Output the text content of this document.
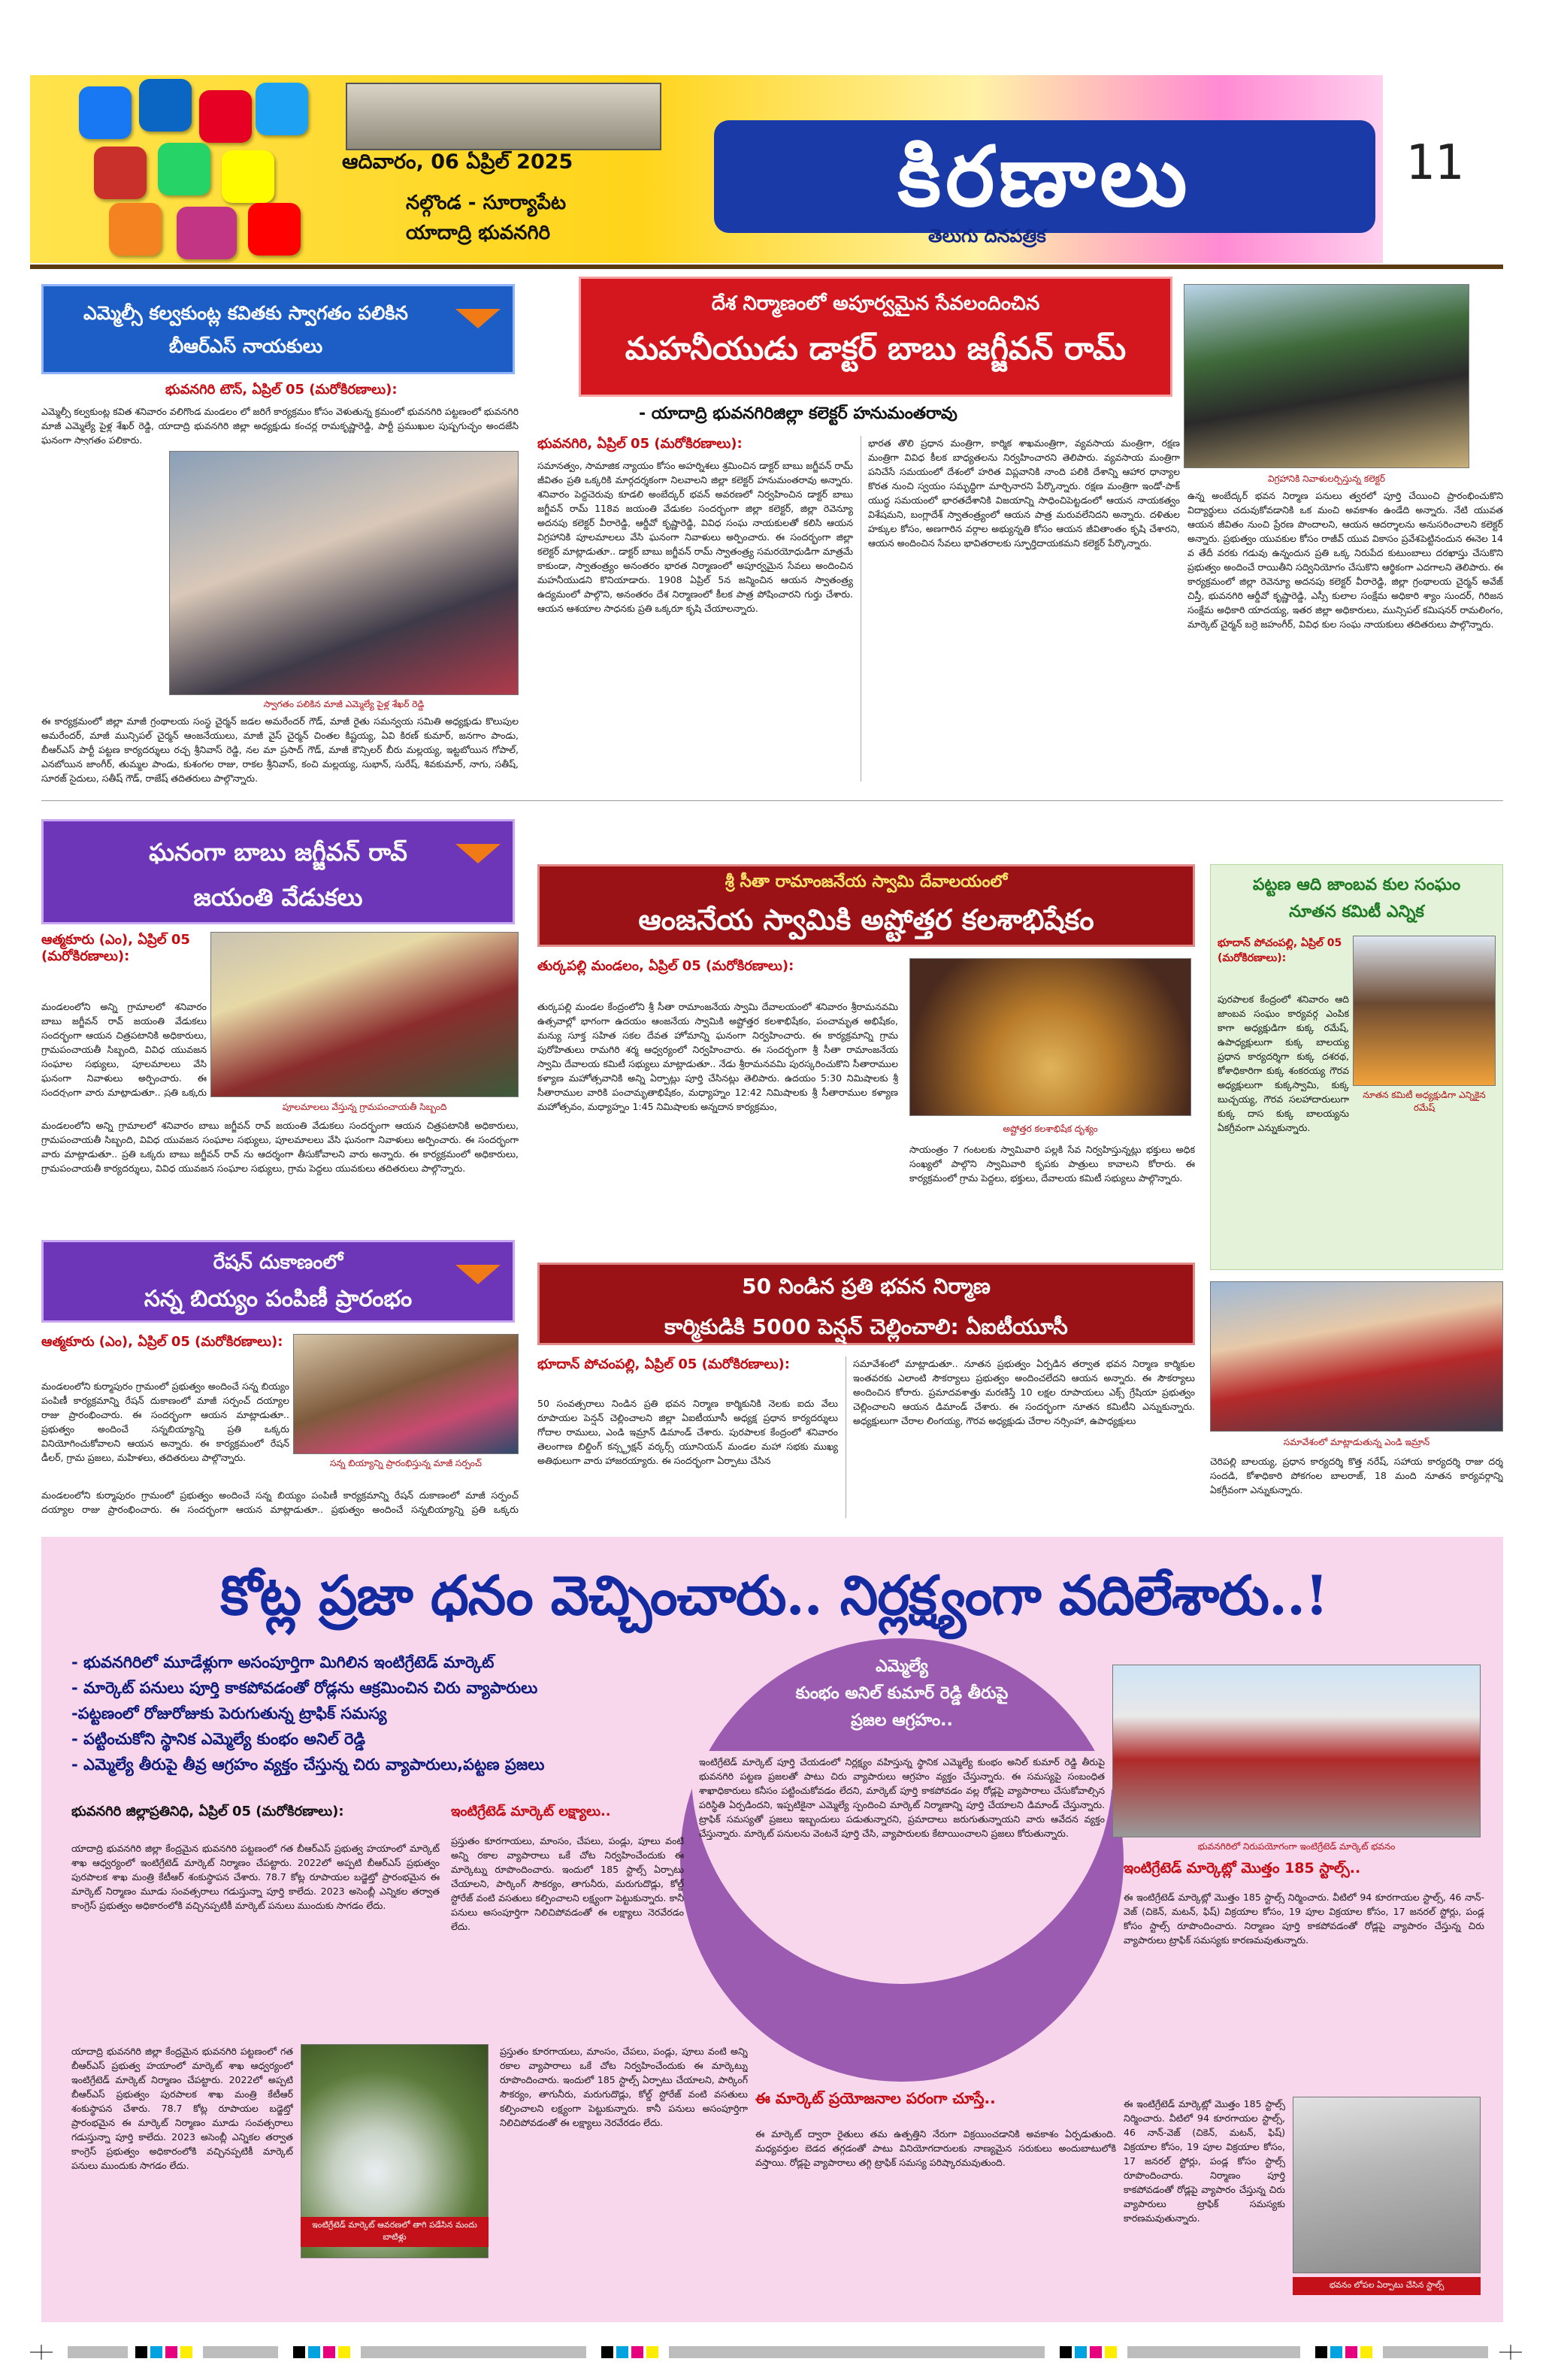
ఆదివారం, 06 ఏప్రిల్ 2025
నల్గొండ - సూర్యాపేట
యాదాద్రి భువనగిరి
కిరణాలు
తెలుగు దినపత్రిక
11
ఎమ్మెల్సీ కల్వకుంట్ల కవితకు స్వాగతం పలికిన బీఆర్ఎస్ నాయకులు
భువనగిరి టౌన్, ఏప్రిల్ 05 (మరోకిరణాలు):

ఎమ్మెల్సీ కల్వకుంట్ల కవిత శనివారం వలిగొండ మండలం లో జరిగే కార్యక్రమం కోసం వెళుతున్న క్రమంలో భువనగిరి పట్టణంలో భువనగిరి మాజీ ఎమ్మెల్యే పైళ్ల శేఖర్ రెడ్డి, యాదాద్రి భువనగిరి జిల్లా అధ్యక్షుడు కంచర్ల రామకృష్ణారెడ్డి, పార్టీ ప్రముఖుల పుష్పగుచ్ఛం అందజేసి ఘనంగా స్వాగతం పలికారు.

స్వాగతం పలికిన మాజీ ఎమ్మెల్యే పైళ్ల శేఖర్ రెడ్డి

ఈ కార్యక్రమంలో జిల్లా మాజీ గ్రంథాలయ సంస్థ చైర్మన్ జడల అమరేందర్ గౌడ్, మాజీ రైతు సమన్వయ సమితి అధ్యక్షుడు కొలుపుల అమరేందర్, మాజీ మున్సిపల్ చైర్మన్ ఆంజనేయులు, మాజీ వైస్ చైర్మన్ చింతల కిష్టయ్య, ఏవి కిరణ్ కుమార్, జనగాం పాండు, బీఆర్ఎస్ పార్టీ పట్టణ కార్యదర్శులు రచ్చ శ్రీనివాస్ రెడ్డి, నల మా ప్రసాద్ గౌడ్, మాజీ కౌన్సిలర్ బీరు మల్లయ్య, ఇట్టబోయిన గోపాల్, ఎనబోయిన జాంగీర్, తుమ్మల పాండు, కుశంగల రాజు, రాకల శ్రీనివాస్, కంచి మల్లయ్య, సుభాన్, సురేష్, శివకుమార్, నాగు, సతీష్, సూరజ్ సైదులు, సతీష్ గౌడ్, రాజేష్ తదితరులు పాల్గొన్నారు.

దేశ నిర్మాణంలో అపూర్వమైన సేవలందించిన
మహనీయుడు డాక్టర్ బాబు జగ్జీవన్ రామ్
- యాదాద్రి భువనగిరిజిల్లా కలెక్టర్ హనుమంతరావు
భువనగిరి, ఏప్రిల్ 05 (మరోకిరణాలు):

సమానత్వం, సామాజిక న్యాయం కోసం అహర్నిశలు శ్రమించిన డాక్టర్ బాబు జగ్జీవన్ రామ్ జీవితం ప్రతి ఒక్కరికి మార్గదర్శకంగా నిలవాలని జిల్లా కలెక్టర్ హనుమంతరావు అన్నారు. శనివారం పెద్దచెరువు కూడలి అంబేద్కర్ భవన్ అవరణలో నిర్వహించిన డాక్టర్ బాబు జగ్జీవన్ రామ్ 118వ జయంతి వేడుకల సందర్భంగా జిల్లా కలెక్టర్, జిల్లా రెవెన్యూ అదనపు కలెక్టర్ వీరారెడ్డి, ఆర్డీవో కృష్ణారెడ్డి, వివిధ సంఘ నాయకులతో కలిసి ఆయన విగ్రహానికి పూలమాలలు వేసి ఘనంగా నివాళులు అర్పించారు. ఈ సందర్భంగా జిల్లా కలెక్టర్ మాట్లాడుతూ.. డాక్టర్ బాబు జగ్జీవన్ రామ్ స్వాతంత్ర్య సమరయోధుడిగా మాత్రమే కాకుండా, స్వాతంత్ర్యం అనంతరం భారత నిర్మాణంలో అపూర్వమైన సేవలు అందించిన మహనీయుడని కొనియాడారు. 1908 ఏప్రిల్ 5న జన్మించిన ఆయన స్వాతంత్ర్య ఉద్యమంలో పాల్గొని, అనంతరం దేశ నిర్మాణంలో కీలక పాత్ర పోషించారని గుర్తు చేశారు. ఆయన ఆశయాల సాధనకు ప్రతి ఒక్కరూ కృషి చేయాలన్నారు.

భారత తొలి ప్రధాన మంత్రిగా, కార్మిక శాఖమంత్రిగా, వ్యవసాయ మంత్రిగా, రక్షణ మంత్రిగా వివిధ కీలక బాధ్యతలను నిర్వహించారని తెలిపారు. వ్యవసాయ మంత్రిగా పనిచేసే సమయంలో దేశంలో హరిత విప్లవానికి నాంది పలికి దేశాన్ని ఆహార ధాన్యాల కొరత నుంచి స్వయం సమృద్ధిగా మార్చినారని పేర్కొన్నారు. రక్షణ మంత్రిగా ఇండో-పాక్ యుద్ధ సమయంలో భారతదేశానికి విజయాన్ని సాధించిపెట్టడంలో ఆయన నాయకత్వం విశేషమని, బంగ్లాదేశ్ స్వాతంత్ర్యంలో ఆయన పాత్ర మరువలేనిదని అన్నారు. దళితుల హక్కుల కోసం, అణగారిన వర్గాల అభ్యున్నతి కోసం ఆయన జీవితాంతం కృషి చేశారని, ఆయన అందించిన సేవలు భావితరాలకు స్ఫూర్తిదాయకమని కలెక్టర్ పేర్కొన్నారు.

విగ్రహానికి నివాళులర్పిస్తున్న కలెక్టర్

ఉన్న అంబేద్కర్ భవన నిర్మాణ పనులు త్వరలో పూర్తి చేయించి ప్రారంభించుకొని విద్యార్థులు చదువుకోవడానికి ఒక మంచి అవకాశం ఉండేది అన్నారు. నేటి యువత ఆయన జీవితం నుంచి ప్రేరణ పొందాలని, ఆయన ఆదర్శాలను అనుసరించాలని కలెక్టర్ అన్నారు. ప్రభుత్వం యువకుల కోసం రాజీవ్ యువ వికాసం ప్రవేశపెట్టినందున ఈనెల 14 వ తేదీ వరకు గడువు ఉన్నందున ప్రతి ఒక్క నిరుపేద కుటుంబాలు దరఖాస్తు చేసుకొని ప్రభుత్వం అందించే రాయితీని సద్వినియోగం చేసుకొని ఆర్థికంగా ఎదగాలని తెలిపారు. ఈ కార్యక్రమంలో జిల్లా రెవెన్యూ అదనపు కలెక్టర్ వీరారెడ్డి, జిల్లా గ్రంథాలయ చైర్మన్ అవేజ్ చిస్తీ, భువనగిరి ఆర్డీవో కృష్ణారెడ్డి, ఎస్సీ కులాల సంక్షేమ అధికారి శ్యాం సుందర్, గిరిజన సంక్షేమ అధికారి యాదయ్య, ఇతర జిల్లా అధికారులు, మున్సిపల్ కమిషనర్ రామలింగం, మార్కెట్ చైర్మన్ బర్రె జహంగీర్, వివిధ కుల సంఘ నాయకులు తదితరులు పాల్గొన్నారు.

ఘనంగా బాబు జగ్జీవన్ రావ్
జయంతి వేడుకలు
ఆత్మకూరు (ఎం), ఏప్రిల్ 05 (మరోకిరణాలు):
పూలమాలలు వేస్తున్న గ్రామపంచాయతీ సిబ్బంది

మండలంలోని అన్ని గ్రామాలలో శనివారం బాబు జగ్జీవన్ రావ్ జయంతి వేడుకలు సందర్భంగా ఆయన చిత్రపటానికి అధికారులు, గ్రామపంచాయతీ సిబ్బంది, వివిధ యువజన సంఘాల సభ్యులు, పూలమాలలు వేసి ఘనంగా నివాళులు అర్పించారు. ఈ సందర్భంగా వారు మాట్లాడుతూ.. ప్రతి ఒక్కరు

మండలంలోని అన్ని గ్రామాలలో శనివారం బాబు జగ్జీవన్ రావ్ జయంతి వేడుకలు సందర్భంగా ఆయన చిత్రపటానికి అధికారులు, గ్రామపంచాయతీ సిబ్బంది, వివిధ యువజన సంఘాల సభ్యులు, పూలమాలలు వేసి ఘనంగా నివాళులు అర్పించారు. ఈ సందర్భంగా వారు మాట్లాడుతూ.. ప్రతి ఒక్కరు బాబు జగ్జీవన్ రావ్ ను ఆదర్శంగా తీసుకోవాలని వారు అన్నారు. ఈ కార్యక్రమంలో అధికారులు, గ్రామపంచాయతీ కార్యదర్శులు, వివిధ యువజన సంఘాల సభ్యులు, గ్రామ పెద్దలు యువకులు తదితరులు పాల్గొన్నారు.

శ్రీ సీతా రామాంజనేయ స్వామి దేవాలయంలో
ఆంజనేయ స్వామికి అష్టోత్తర కలశాభిషేకం
తుర్కపల్లి మండలం, ఏప్రిల్ 05 (మరోకిరణాలు):

తుర్కపల్లి మండల కేంద్రంలోని శ్రీ సీతా రామాంజనేయ స్వామి దేవాలయంలో శనివారం శ్రీరామనవమి ఉత్సవాల్లో భాగంగా ఉదయం ఆంజనేయ స్వామికి అష్టోత్తర కలశాభిషేకం, పంచామృత అభిషేకం, మన్యు సూక్త సహిత సకల దేవత హోమాన్ని ఘనంగా నిర్వహించారు. ఈ కార్యక్రమాన్ని గ్రామ పురోహితులు రామగిరి శర్మ ఆధ్వర్యంలో నిర్వహించారు. ఈ సందర్భంగా శ్రీ సీతా రామాంజనేయ స్వామి దేవాలయ కమిటీ సభ్యులు మాట్లాడుతూ.. నేడు శ్రీరామనవమి పురస్కరించుకొని సీతారాముల కళ్యాణ మహోత్సవానికి అన్ని ఏర్పాట్లు పూర్తి చేసినట్లు తెలిపారు. ఉదయం 5:30 నిమిషాలకు శ్రీ సీతారాముల వారికి పంచామృతాభిషేకం, మధ్యాహ్నం 12:42 నిమిషాలకు శ్రీ సీతారాముల కళ్యాణ మహోత్సవం, మధ్యాహ్నం 1:45 నిమిషాలకు అన్నదాన కార్యక్రమం,

అష్టోత్తర కలశాభిషేక దృశ్యం

సాయంత్రం 7 గంటలకు స్వామివారి పల్లకి సేవ నిర్వహిస్తున్నట్లు భక్తులు అధిక సంఖ్యలో పాల్గొని స్వామివారి కృపకు పాత్రులు కావాలని కోరారు. ఈ కార్యక్రమంలో గ్రామ పెద్దలు, భక్తులు, దేవాలయ కమిటీ సభ్యులు పాల్గొన్నారు.

పట్టణ ఆది జాంబవ కుల సంఘం
నూతన కమిటీ ఎన్నిక
భూదాన్ పోచంపల్లి, ఏప్రిల్ 05 (మరోకిరణాలు):
నూతన కమిటీ అధ్యక్షుడిగా ఎన్నికైన రమేష్

పురపాలక కేంద్రంలో శనివారం ఆది జాంబవ సంఘం కార్యవర్గ ఎంపిక కాగా అధ్యక్షుడిగా కుక్క రమేష్, ఉపాధ్యక్షులుగా కుక్క బాలయ్య ప్రధాన కార్యదర్శిగా కుక్క దశరథ, కోశాధికారిగా కుక్క శంకరయ్య గౌరవ అధ్యక్షులుగా కుక్కస్వామి, కుక్క బుచ్చయ్య, గౌరవ సలహాదారులుగా కుక్క దాస కుక్క బాలయ్యను ఏకగ్రీవంగా ఎన్నుకున్నారు.

రేషన్ దుకాణంలో
సన్న బియ్యం పంపిణీ ప్రారంభం
ఆత్మకూరు (ఎం), ఏప్రిల్ 05 (మరోకిరణాలు):

మండలంలోని కుర్మాపురం గ్రామంలో ప్రభుత్వం అందించే సన్న బియ్యం పంపిణీ కార్యక్రమాన్ని రేషన్ దుకాణంలో మాజీ సర్పంచ్ దయ్యాల రాజు ప్రారంభించారు. ఈ సందర్భంగా ఆయన మాట్లాడుతూ.. ప్రభుత్వం అందించే సన్నబియ్యాన్ని ప్రతి ఒక్కరు వినియోగించుకోవాలని ఆయన అన్నారు. ఈ కార్యక్రమంలో రేషన్ డీలర్, గ్రామ ప్రజలు, మహిళలు, తదితరులు పాల్గొన్నారు.	సన్న బియ్యాన్ని ప్రారంభిస్తున్న మాజీ సర్పంచ్

మండలంలోని కుర్మాపురం గ్రామంలో ప్రభుత్వం అందించే సన్న బియ్యం పంపిణీ కార్యక్రమాన్ని రేషన్ దుకాణంలో మాజీ సర్పంచ్ దయ్యాల రాజు ప్రారంభించారు. ఈ సందర్భంగా ఆయన మాట్లాడుతూ.. ప్రభుత్వం అందించే సన్నబియ్యాన్ని ప్రతి ఒక్కరు

50 నిండిన ప్రతి భవన నిర్మాణ
కార్మికుడికి 5000 పెన్షన్ చెల్లించాలి: ఏఐటీయూసీ
భూదాన్ పోచంపల్లి, ఏప్రిల్ 05 (మరోకిరణాలు):

50 సంవత్సరాలు నిండిన ప్రతి భవన నిర్మాణ కార్మికునికి నెలకు ఐదు వేలు రూపాయల పెన్షన్ చెల్లించాలని జిల్లా ఏఐటీయూసీ అధ్యక్ష ప్రధాన కార్యదర్శులు గోదాల రాములు, ఎండి ఇమ్రాన్ డిమాండ్ చేశారు. పురపాలక కేంద్రంలో శనివారం తెలంగాణ బిల్డింగ్ కన్స్ట్రక్షన్ వర్కర్స్ యూనియన్ మండల మహా సభకు ముఖ్య అతిథులుగా వారు హాజరయ్యారు. ఈ సందర్భంగా ఏర్పాటు చేసిన

సమావేశంలో మాట్లాడుతూ.. నూతన ప్రభుత్వం ఏర్పడిన తర్వాత భవన నిర్మాణ కార్మికుల ఇంతవరకు ఎలాంటి సౌకర్యాలు ప్రభుత్వం అందించలేదని ఆయన అన్నారు. ఈ సౌకర్యాలు అందించిన కోరారు. ప్రమాదవశాత్తు మరణిస్తే 10 లక్షల రూపాయలు ఎక్స్ గ్రేషియా ప్రభుత్వం చెల్లించాలని ఆయన డిమాండ్ చేశారు. ఈ సందర్భంగా నూతన కమిటీని ఎన్నుకున్నారు. అధ్యక్షులుగా చేరాల లింగయ్య, గౌరవ అధ్యక్షుడు చేరాల నర్సింహా, ఉపాధ్యక్షులు

సమావేశంలో మాట్లాడుతున్న ఎండి ఇమ్రాన్

చెరిపల్లి బాలయ్య, ప్రధాన కార్యదర్శి కొత్త నరేష్, సహాయ కార్యదర్శి రాజు దర్శ సందడి, కోశాధికారి పోకగంల బాలరాజ్, 18 మంది నూతన కార్యవర్గాన్ని ఏకగ్రీవంగా ఎన్నుకున్నారు.

కోట్ల ప్రజా ధనం వెచ్చించారు.. నిర్లక్ష్యంగా వదిలేశారు..!
- భువనగిరిలో మూడేళ్లుగా అసంపూర్తిగా మిగిలిన ఇంటిగ్రేటెడ్ మార్కెట్
- మార్కెట్ పనులు పూర్తి కాకపోవడంతో రోడ్లను ఆక్రమించిన చిరు వ్యాపారులు
-పట్టణంలో రోజురోజుకు పెరుగుతున్న ట్రాఫిక్ సమస్య
- పట్టించుకోని స్థానిక ఎమ్మెల్యే కుంభం అనిల్ రెడ్డి
- ఎమ్మెల్యే తీరుపై తీవ్ర ఆగ్రహం వ్యక్తం చేస్తున్న చిరు వ్యాపారులు,పట్టణ ప్రజలు
ఎమ్మెల్యే
కుంభం అనిల్ కుమార్ రెడ్డి తీరుపై
ప్రజల ఆగ్రహం..

ఇంటిగ్రేటెడ్ మార్కెట్ పూర్తి చేయడంలో నిర్లక్ష్యం వహిస్తున్న స్థానిక ఎమ్మెల్యే కుంభం అనిల్ కుమార్ రెడ్డి తీరుపై భువనగిరి పట్టణ ప్రజలతో పాటు చిరు వ్యాపారులు ఆగ్రహం వ్యక్తం చేస్తున్నారు. ఈ సమస్యపై సంబంధిత శాఖాధికారులు కనీసం పట్టించుకోవడం లేదని, మార్కెట్ పూర్తి కాకపోవడం వల్ల రోడ్లపై వ్యాపారాలు చేసుకోవాల్సిన పరిస్థితి ఏర్పడిందని, ఇప్పటికైనా ఎమ్మెల్యే స్పందించి మార్కెట్ నిర్మాణాన్ని పూర్తి చేయాలని డిమాండ్ చేస్తున్నారు. ట్రాఫిక్ సమస్యతో ప్రజలు ఇబ్బందులు పడుతున్నారని, ప్రమాదాలు జరుగుతున్నాయని వారు ఆవేదన వ్యక్తం చేస్తున్నారు. మార్కెట్ పనులను వెంటనే పూర్తి చేసి, వ్యాపారులకు కేటాయించాలని ప్రజలు కోరుతున్నారు.

భువనగిరిలో నిరుపయోగంగా ఇంటిగ్రేటెడ్ మార్కెట్ భవనం
భువనగిరి జిల్లాప్రతినిధి, ఏప్రిల్ 05 (మరోకిరణాలు):

యాదాద్రి భువనగిరి జిల్లా కేంద్రమైన భువనగిరి పట్టణంలో గత బీఆర్ఎస్ ప్రభుత్వ హయాంలో మార్కెట్ శాఖ ఆధ్వర్యంలో ఇంటిగ్రేటెడ్ మార్కెట్ నిర్మాణం చేపట్టారు. 2022లో అప్పటి బీఆర్ఎస్ ప్రభుత్వం పురపాలక శాఖ మంత్రి కేటీఆర్ శంకుస్థాపన చేశారు. 78.7 కోట్ల రూపాయల బడ్జెట్తో ప్రారంభమైన ఈ మార్కెట్ నిర్మాణం మూడు సంవత్సరాలు గడుస్తున్నా పూర్తి కాలేదు. 2023 అసెంబ్లీ ఎన్నికల తర్వాత కాంగ్రెస్ ప్రభుత్వం అధికారంలోకి వచ్చినప్పటికీ మార్కెట్ పనులు ముందుకు సాగడం లేదు.

ఇంటిగ్రేటెడ్ మార్కెట్ ఆవరణలో తాగి పడేసిన మందు బాటిళ్లు

యాదాద్రి భువనగిరి జిల్లా కేంద్రమైన భువనగిరి పట్టణంలో గత బీఆర్ఎస్ ప్రభుత్వ హయాంలో మార్కెట్ శాఖ ఆధ్వర్యంలో ఇంటిగ్రేటెడ్ మార్కెట్ నిర్మాణం చేపట్టారు. 2022లో అప్పటి బీఆర్ఎస్ ప్రభుత్వం పురపాలక శాఖ మంత్రి కేటీఆర్ శంకుస్థాపన చేశారు. 78.7 కోట్ల రూపాయల బడ్జెట్తో ప్రారంభమైన ఈ మార్కెట్ నిర్మాణం మూడు సంవత్సరాలు గడుస్తున్నా పూర్తి కాలేదు. 2023 అసెంబ్లీ ఎన్నికల తర్వాత కాంగ్రెస్ ప్రభుత్వం అధికారంలోకి వచ్చినప్పటికీ మార్కెట్ పనులు ముందుకు సాగడం లేదు.

ఇంటిగ్రేటెడ్ మార్కెట్ లక్ష్యాలు..

ప్రస్తుతం కూరగాయలు, మాంసం, చేపలు, పండ్లు, పూలు వంటి అన్ని రకాల వ్యాపారాలు ఒకే చోట నిర్వహించేందుకు ఈ మార్కెట్ను రూపొందించారు. ఇందులో 185 స్టాల్స్ ఏర్పాటు చేయాలని, పార్కింగ్ సౌకర్యం, తాగునీరు, మరుగుదొడ్లు, కోల్డ్ స్టోరేజ్ వంటి వసతులు కల్పించాలని లక్ష్యంగా పెట్టుకున్నారు. కానీ పనులు అసంపూర్తిగా నిలిచిపోవడంతో ఈ లక్ష్యాలు నెరవేరడం లేదు.

ప్రస్తుతం కూరగాయలు, మాంసం, చేపలు, పండ్లు, పూలు వంటి అన్ని రకాల వ్యాపారాలు ఒకే చోట నిర్వహించేందుకు ఈ మార్కెట్ను రూపొందించారు. ఇందులో 185 స్టాల్స్ ఏర్పాటు చేయాలని, పార్కింగ్ సౌకర్యం, తాగునీరు, మరుగుదొడ్లు, కోల్డ్ స్టోరేజ్ వంటి వసతులు కల్పించాలని లక్ష్యంగా పెట్టుకున్నారు. కానీ పనులు అసంపూర్తిగా నిలిచిపోవడంతో ఈ లక్ష్యాలు నెరవేరడం లేదు.

ఈ మార్కెట్ ప్రయోజనాల పరంగా చూస్తే..

ఈ మార్కెట్ ద్వారా రైతులు తమ ఉత్పత్తిని నేరుగా విక్రయించడానికి అవకాశం ఏర్పడుతుంది. మధ్యవర్తుల బెడద తగ్గడంతో పాటు వినియోగదారులకు నాణ్యమైన సరుకులు అందుబాటులోకి వస్తాయి. రోడ్లపై వ్యాపారాలు తగ్గి ట్రాఫిక్ సమస్య పరిష్కారమవుతుంది.

ఇంటిగ్రేటెడ్ మార్కెట్లో మొత్తం 185 స్టాల్స్..

ఈ ఇంటిగ్రేటెడ్ మార్కెట్లో మొత్తం 185 స్టాల్స్ నిర్మించారు. వీటిలో 94 కూరగాయల స్టాల్స్, 46 నాన్-వెజ్ (చికెన్, మటన్, ఫిష్) విక్రయాల కోసం, 19 పూల విక్రయాల కోసం, 17 జనరల్ స్టోర్లు, పండ్ల కోసం స్టాల్స్ రూపొందించారు. నిర్మాణం పూర్తి కాకపోవడంతో రోడ్లపై వ్యాపారం చేస్తున్న చిరు వ్యాపారులు ట్రాఫిక్ సమస్యకు కారణమవుతున్నారు.

ఈ ఇంటిగ్రేటెడ్ మార్కెట్లో మొత్తం 185 స్టాల్స్ నిర్మించారు. వీటిలో 94 కూరగాయల స్టాల్స్, 46 నాన్-వెజ్ (చికెన్, మటన్, ఫిష్) విక్రయాల కోసం, 19 పూల విక్రయాల కోసం, 17 జనరల్ స్టోర్లు, పండ్ల కోసం స్టాల్స్ రూపొందించారు. నిర్మాణం పూర్తి కాకపోవడంతో రోడ్లపై వ్యాపారం చేస్తున్న చిరు వ్యాపారులు ట్రాఫిక్ సమస్యకు కారణమవుతున్నారు.

భవనం లోపల ఏర్పాటు చేసిన స్టాల్స్
